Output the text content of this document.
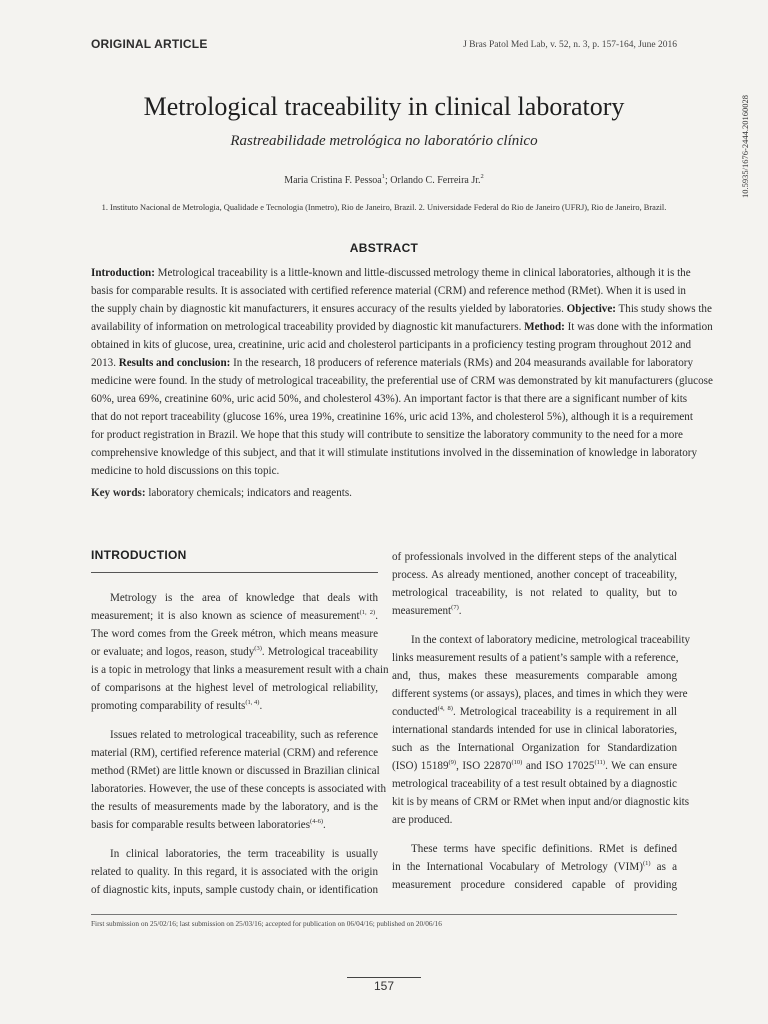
ORIGINAL ARTICLE	J Bras Patol Med Lab, v. 52, n. 3, p. 157-164, June 2016
10.5935/1676-2444.20160028
Metrological traceability in clinical laboratory
Rastreabilidade metrológica no laboratório clínico
Maria Cristina F. Pessoa$^1$; Orlando C. Ferreira Jr.$^2$
1. Instituto Nacional de Metrologia, Qualidade e Tecnologia (Inmetro), Rio de Janeiro, Brazil. 2. Universidade Federal do Rio de Janeiro (UFRJ), Rio de Janeiro, Brazil.
ABSTRACT
Introduction: Metrological traceability is a little-known and little-discussed metrology theme in clinical laboratories, although it is the
basis for comparable results. It is associated with certified reference material (CRM) and reference method (RMet). When it is used in
the supply chain by diagnostic kit manufacturers, it ensures accuracy of the results yielded by laboratories. Objective: This study shows the
availability of information on metrological traceability provided by diagnostic kit manufacturers. Method: It was done with the information
obtained in kits of glucose, urea, creatinine, uric acid and cholesterol participants in a proficiency testing program throughout 2012 and
2013. Results and conclusion: In the research, 18 producers of reference materials (RMs) and 204 measurands available for laboratory
medicine were found. In the study of metrological traceability, the preferential use of CRM was demonstrated by kit manufacturers (glucose
60%, urea 69%, creatinine 60%, uric acid 50%, and cholesterol 43%). An important factor is that there are a significant number of kits
that do not report traceability (glucose 16%, urea 19%, creatinine 16%, uric acid 13%, and cholesterol 5%), although it is a requirement
for product registration in Brazil. We hope that this study will contribute to sensitize the laboratory community to the need for a more
comprehensive knowledge of this subject, and that it will stimulate institutions involved in the dissemination of knowledge in laboratory
medicine to hold discussions on this topic.
Key words: laboratory chemicals; indicators and reagents.
INTRODUCTION
Metrology is the area of knowledge that deals with
measurement; it is also known as science of measurement$^{(1, 2)}$.
The word comes from the Greek métron, which means measure
or evaluate; and logos, reason, study$^{(3)}$. Metrological traceability
is a topic in metrology that links a measurement result with a chain
of comparisons at the highest level of metrological reliability,
promoting comparability of results$^{(1, 4)}$.
Issues related to metrological traceability, such as reference
material (RM), certified reference material (CRM) and reference
method (RMet) are little known or discussed in Brazilian clinical
laboratories. However, the use of these concepts is associated with
the results of measurements made by the laboratory, and is the
basis for comparable results between laboratories$^{(4-6)}$.
In clinical laboratories, the term traceability is usually
related to quality. In this regard, it is associated with the origin
of diagnostic kits, inputs, sample custody chain, or identification
of professionals involved in the different steps of the analytical
process. As already mentioned, another concept of traceability,
metrological traceability, is not related to quality, but to
measurement$^{(7)}$.
In the context of laboratory medicine, metrological traceability
links measurement results of a patient’s sample with a reference,
and, thus, makes these measurements comparable among
different systems (or assays), places, and times in which they were
conducted$^{(4, 8)}$. Metrological traceability is a requirement in all
international standards intended for use in clinical laboratories,
such as the International Organization for Standardization
(ISO) 15189$^{(9)}$, ISO 22870$^{(10)}$ and ISO 17025$^{(11)}$. We can ensure
metrological traceability of a test result obtained by a diagnostic
kit is by means of CRM or RMet when input and/or diagnostic kits
are produced.
These terms have specific definitions. RMet is defined
in the International Vocabulary of Metrology (VIM)$^{(1)}$ as a
measurement procedure considered capable of providing
First submission on 25/02/16; last submission on 25/03/16; accepted for publication on 06/04/16; published on 20/06/16
157
